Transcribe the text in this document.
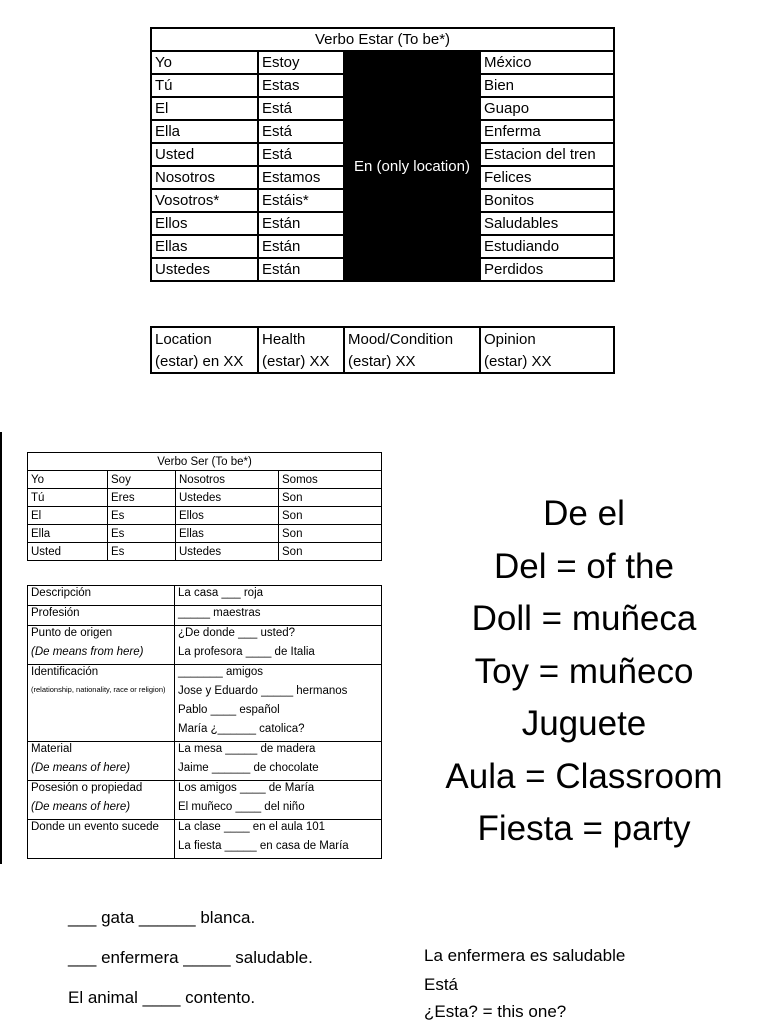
Verbo Estar (To be*)			
Yo	Estoy	En (only location)	México
Tú	Estas		Bien
El	Está		Guapo
Ella	Está		Enferma
Usted	Está		Estacion del tren
Nosotros	Estamos		Felices
Vosotros*	Estáis*		Bonitos
Ellos	Están		Saludables
Ellas	Están		Estudiando
Ustedes	Están		Perdidos
Location	Health	Mood/Condition	Opinion
(estar) en XX	(estar) XX	(estar) XX	(estar) XX
Verbo Ser (To be*)			
Yo	Soy	Nosotros	Somos
Tú	Eres	Ustedes	Son
El	Es	Ellos	Son
Ella	Es	Ellas	Son
Usted	Es	Ustedes	Son
Descripción	La casa ___ roja
Profesión	_____ maestras
Punto de origen	¿De donde ___ usted?
(De means from here)	La profesora ____ de Italia
Identificación	_______ amigos
(relationship, nationality, race or religion)	Jose y Eduardo _____ hermanos
	Pablo ____ español
	María ¿______ catolica?
Material	La mesa _____ de madera
(De means of here)	Jaime ______ de chocolate
Posesión o propiedad	Los amigos ____ de María
(De means of here)	El muñeco ____ del niño
Donde un evento sucede	La clase ____ en el aula 101
	La fiesta _____ en casa de María
De el
Del = of the
Doll = muñeca
Toy = muñeco
Juguete
Aula = Classroom
Fiesta = party
___ gata ______ blanca.
___ enfermera _____ saludable.
El animal ____ contento.
La enfermera es saludable
Está
¿Esta? = this one?
